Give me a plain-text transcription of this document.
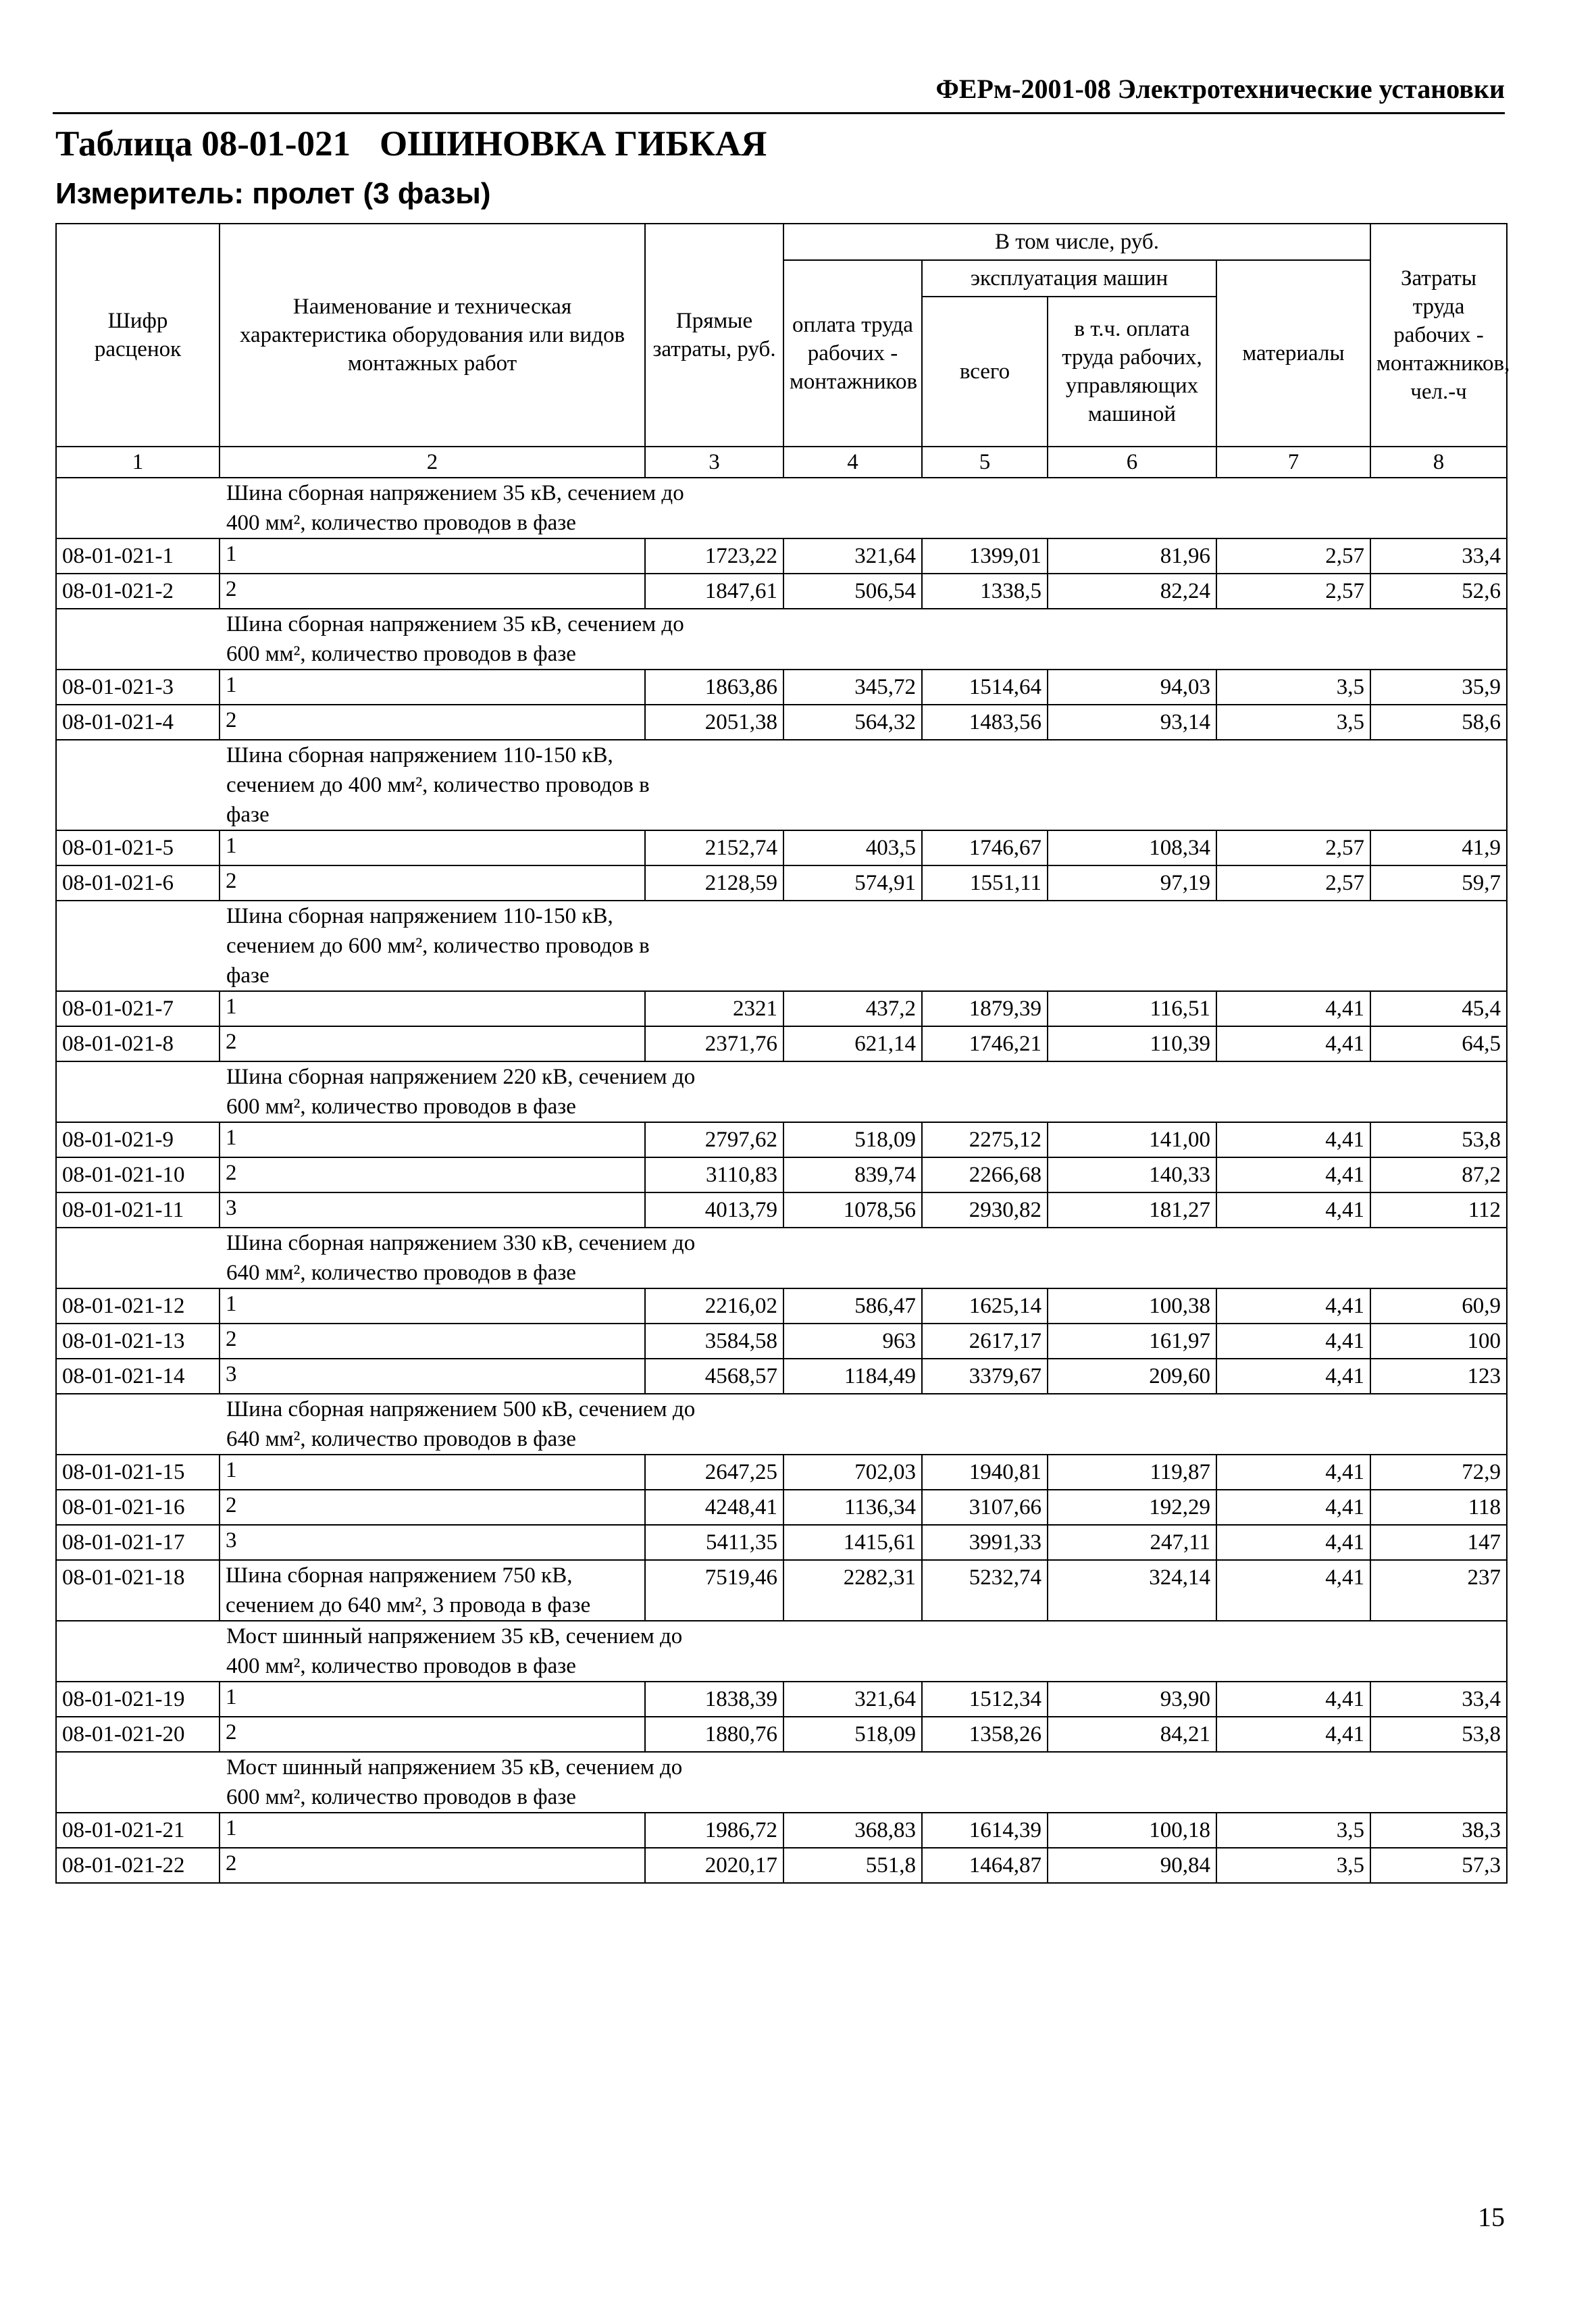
ФЕРм-2001-08 Электротехнические установки
Таблица 08-01-021 ОШИНОВКА ГИБКАЯ
Измеритель: пролет (3 фазы)
Шифр расценок	Наименование и техническая характеристика оборудования или видов монтажных работ	Прямые затраты, руб.	В том числе, руб.				Затраты труда рабочих - монтажников, чел.-ч
			оплата труда рабочих - монтажников	эксплуатация машин		материалы	
				всего	в т.ч. оплата труда рабочих, управляющих машиной		
1	2	3	4	5	6	7	8
	Шина сборная напряжением 35 кВ, сечением до 400 мм², количество проводов в фазе						
08-01-021-1	1	1723,22	321,64	1399,01	81,96	2,57	33,4
08-01-021-2	2	1847,61	506,54	1338,5	82,24	2,57	52,6
	Шина сборная напряжением 35 кВ, сечением до 600 мм², количество проводов в фазе						
08-01-021-3	1	1863,86	345,72	1514,64	94,03	3,5	35,9
08-01-021-4	2	2051,38	564,32	1483,56	93,14	3,5	58,6
	Шина сборная напряжением 110-150 кВ, сечением до 400 мм², количество проводов в фазе						
08-01-021-5	1	2152,74	403,5	1746,67	108,34	2,57	41,9
08-01-021-6	2	2128,59	574,91	1551,11	97,19	2,57	59,7
	Шина сборная напряжением 110-150 кВ, сечением до 600 мм², количество проводов в фазе						
08-01-021-7	1	2321	437,2	1879,39	116,51	4,41	45,4
08-01-021-8	2	2371,76	621,14	1746,21	110,39	4,41	64,5
	Шина сборная напряжением 220 кВ, сечением до 600 мм², количество проводов в фазе						
08-01-021-9	1	2797,62	518,09	2275,12	141,00	4,41	53,8
08-01-021-10	2	3110,83	839,74	2266,68	140,33	4,41	87,2
08-01-021-11	3	4013,79	1078,56	2930,82	181,27	4,41	112
	Шина сборная напряжением 330 кВ, сечением до 640 мм², количество проводов в фазе						
08-01-021-12	1	2216,02	586,47	1625,14	100,38	4,41	60,9
08-01-021-13	2	3584,58	963	2617,17	161,97	4,41	100
08-01-021-14	3	4568,57	1184,49	3379,67	209,60	4,41	123
	Шина сборная напряжением 500 кВ, сечением до 640 мм², количество проводов в фазе						
08-01-021-15	1	2647,25	702,03	1940,81	119,87	4,41	72,9
08-01-021-16	2	4248,41	1136,34	3107,66	192,29	4,41	118
08-01-021-17	3	5411,35	1415,61	3991,33	247,11	4,41	147
08-01-021-18	Шина сборная напряжением 750 кВ, сечением до 640 мм², 3 провода в фазе	7519,46	2282,31	5232,74	324,14	4,41	237
	Мост шинный напряжением 35 кВ, сечением до 400 мм², количество проводов в фазе						
08-01-021-19	1	1838,39	321,64	1512,34	93,90	4,41	33,4
08-01-021-20	2	1880,76	518,09	1358,26	84,21	4,41	53,8
	Мост шинный напряжением 35 кВ, сечением до 600 мм², количество проводов в фазе						
08-01-021-21	1	1986,72	368,83	1614,39	100,18	3,5	38,3
08-01-021-22	2	2020,17	551,8	1464,87	90,84	3,5	57,3
15
